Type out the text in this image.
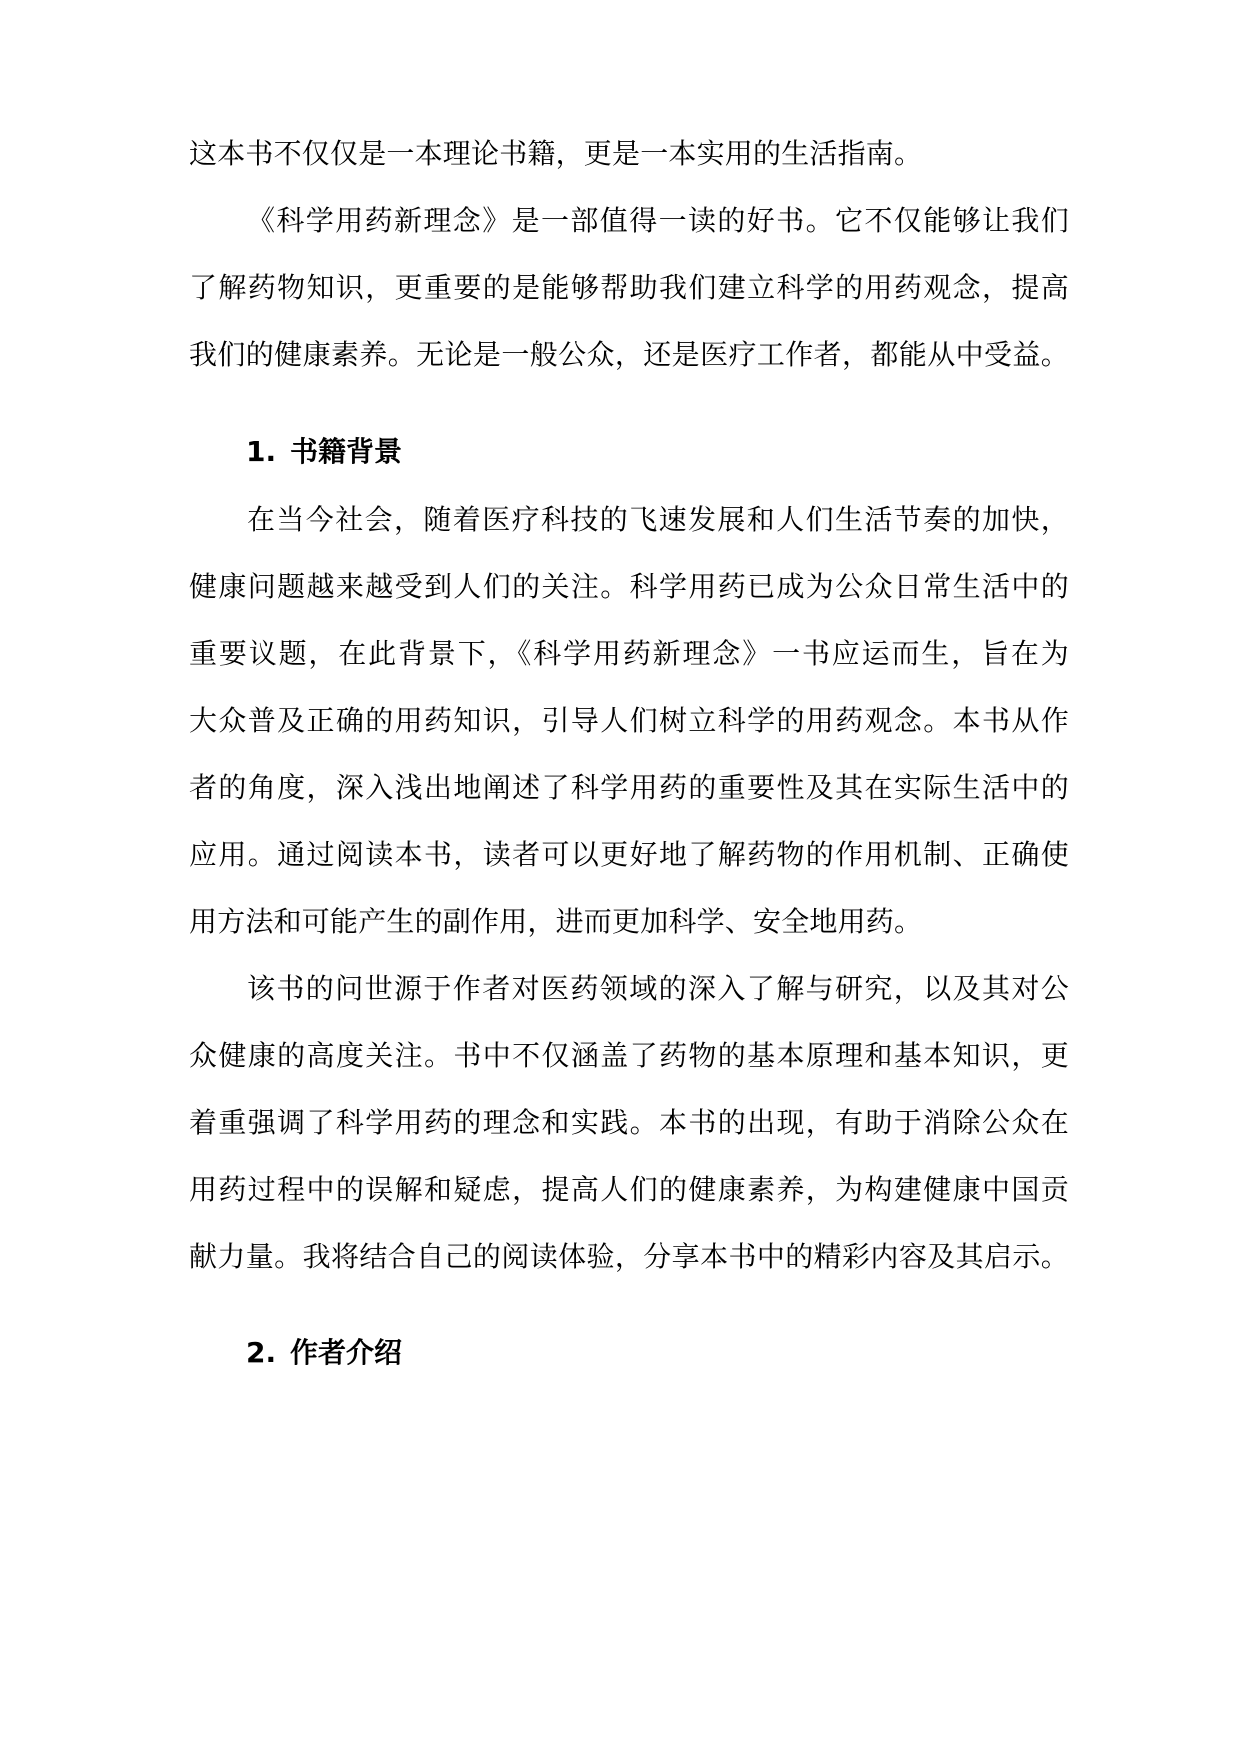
这本书不仅仅是一本理论书籍，更是一本实用的生活指南。
《科学用药新理念》是一部值得一读的好书。它不仅能够让我们
了解药物知识，更重要的是能够帮助我们建立科学的用药观念，提高
我们的健康素养。无论是一般公众，还是医疗工作者，都能从中受益。
1. 书籍背景
在当今社会，随着医疗科技的飞速发展和人们生活节奏的加快，
健康问题越来越受到人们的关注。科学用药已成为公众日常生活中的
重要议题，在此背景下，《科学用药新理念》一书应运而生，旨在为
大众普及正确的用药知识，引导人们树立科学的用药观念。本书从作
者的角度，深入浅出地阐述了科学用药的重要性及其在实际生活中的
应用。通过阅读本书，读者可以更好地了解药物的作用机制、正确使
用方法和可能产生的副作用，进而更加科学、安全地用药。
该书的问世源于作者对医药领域的深入了解与研究，以及其对公
众健康的高度关注。书中不仅涵盖了药物的基本原理和基本知识，更
着重强调了科学用药的理念和实践。本书的出现，有助于消除公众在
用药过程中的误解和疑虑，提高人们的健康素养，为构建健康中国贡
献力量。我将结合自己的阅读体验，分享本书中的精彩内容及其启示。
2. 作者介绍
